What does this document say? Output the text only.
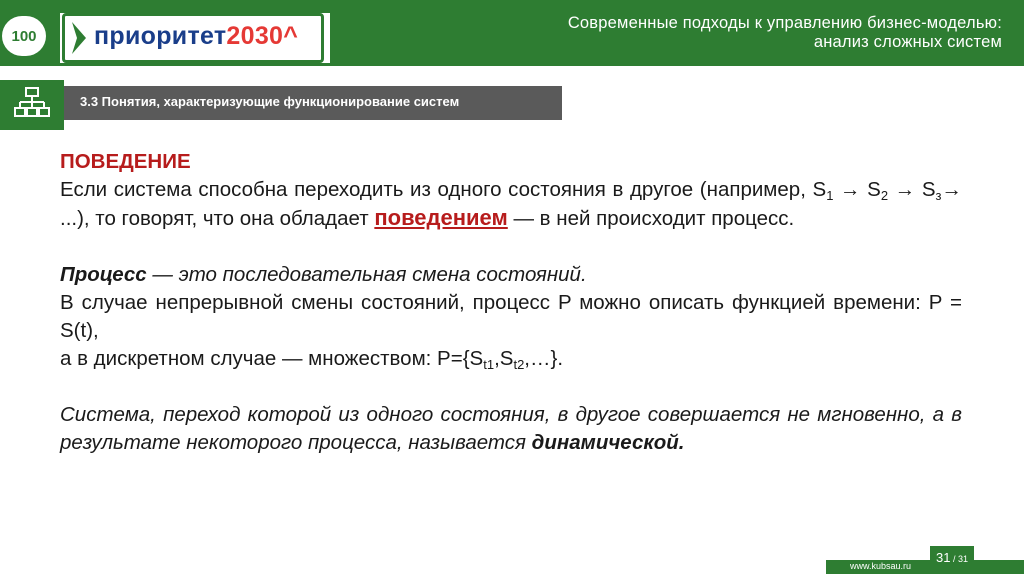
Современные подходы к управлению бизнес-моделью:
анализ сложных систем
100 приоритет2030^
3.3 Понятия, характеризующие функционирование систем

ПОВЕДЕНИЕ

Если система способна переходить из одного состояния в другое (например, $S_1 \to S_2 \to S_з\to$ ...), то говорят, что она обладает поведением — в ней происходит процесс.

Процесс — это последовательная смена состояний.

В случае непрерывной смены состояний, процесс P можно описать функцией времени: P = S(t),

а в дискретном случае — множеством: $P=\{S_{t1},S_{t2},\dots\}$.

Система, переход которой из одного состояния, в другое совершается не мгновенно, а в результате некоторого процесса, называется динамической.

www.kubsau.ru
31 / 31
